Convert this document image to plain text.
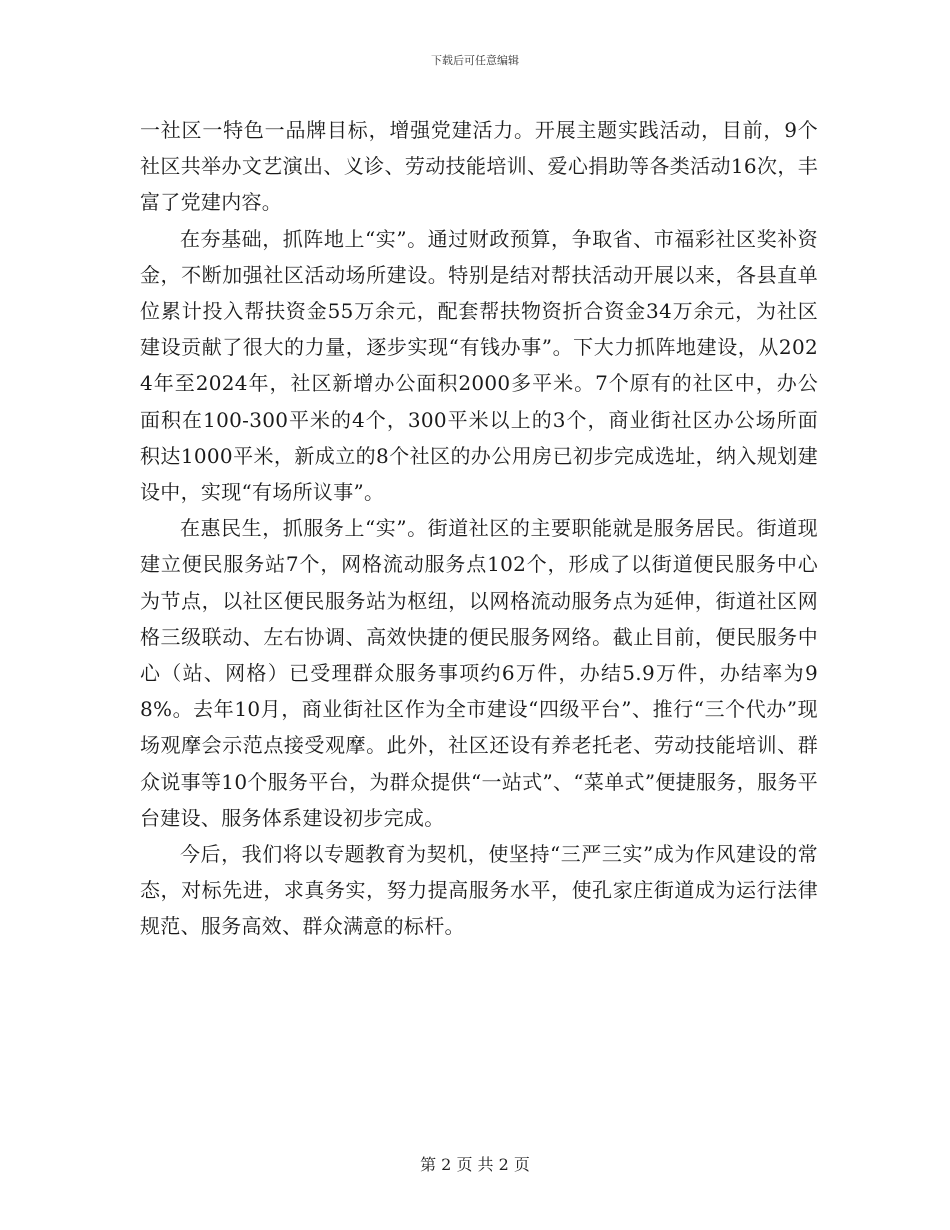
下载后可任意编辑

一社区一特色一品牌目标，增强党建活力。开展主题实践活动，目前，9个社区共举办文艺演出、义诊、劳动技能培训、爱心捐助等各类活动16次，丰富了党建内容。

在夯基础，抓阵地上“实”。通过财政预算，争取省、市福彩社区奖补资金，不断加强社区活动场所建设。特别是结对帮扶活动开展以来，各县直单位累计投入帮扶资金55万余元，配套帮扶物资折合资金34万余元，为社区建设贡献了很大的力量，逐步实现“有钱办事”。下大力抓阵地建设，从2024年至2024年，社区新增办公面积2000多平米。7个原有的社区中，办公面积在100-300平米的4个，300平米以上的3个，商业街社区办公场所面积达1000平米，新成立的8个社区的办公用房已初步完成选址，纳入规划建设中，实现“有场所议事”。

在惠民生，抓服务上“实”。街道社区的主要职能就是服务居民。街道现建立便民服务站7个，网格流动服务点102个，形成了以街道便民服务中心为节点，以社区便民服务站为枢纽，以网格流动服务点为延伸，街道社区网格三级联动、左右协调、高效快捷的便民服务网络。截止目前，便民服务中心（站、网格）已受理群众服务事项约6万件，办结5.9万件，办结率为98%。去年10月，商业街社区作为全市建设“四级平台”、推行“三个代办”现场观摩会示范点接受观摩。此外，社区还设有养老托老、劳动技能培训、群众说事等10个服务平台，为群众提供“一站式”、“菜单式”便捷服务，服务平台建设、服务体系建设初步完成。

今后，我们将以专题教育为契机，使坚持“三严三实”成为作风建设的常态，对标先进，求真务实，努力提高服务水平，使孔家庄街道成为运行法律规范、服务高效、群众满意的标杆。

第 2 页 共 2 页
